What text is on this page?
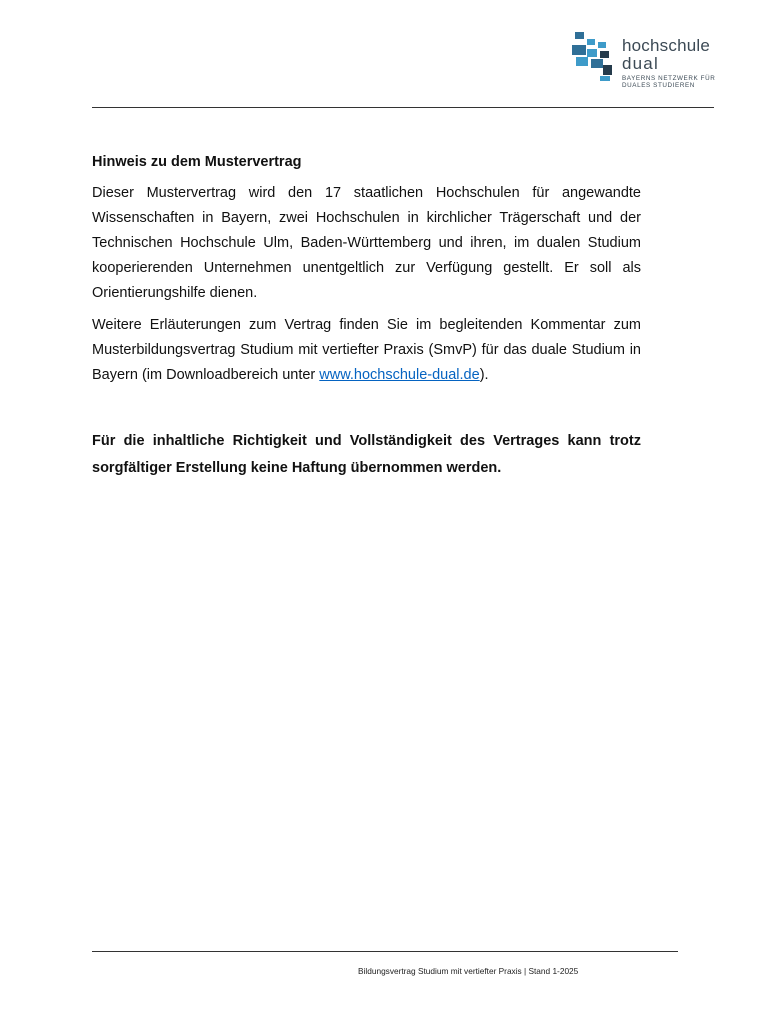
hochschule
dual
BAYERNS NETZWERK FÜR
DUALES STUDIEREN
Hinweis zu dem Mustervertrag

Dieser Mustervertrag wird den 17 staatlichen Hochschulen für angewandte Wissenschaften in Bayern, zwei Hochschulen in kirchlicher Trägerschaft und der Technischen Hochschule Ulm, Baden-Württemberg und ihren, im dualen Studium kooperierenden Unternehmen unentgeltlich zur Verfügung gestellt. Er soll als Orientierungshilfe dienen.

Weitere Erläuterungen zum Vertrag finden Sie im begleitenden Kommentar zum Musterbildungsvertrag Studium mit vertiefter Praxis (SmvP) für das duale Studium in Bayern (im Downloadbereich unter www.hochschule-dual.de).

Für die inhaltliche Richtigkeit und Vollständigkeit des Vertrages kann trotz sorgfältiger Erstellung keine Haftung übernommen werden.

Bildungsvertrag Studium mit vertiefter Praxis | Stand 1-2025
